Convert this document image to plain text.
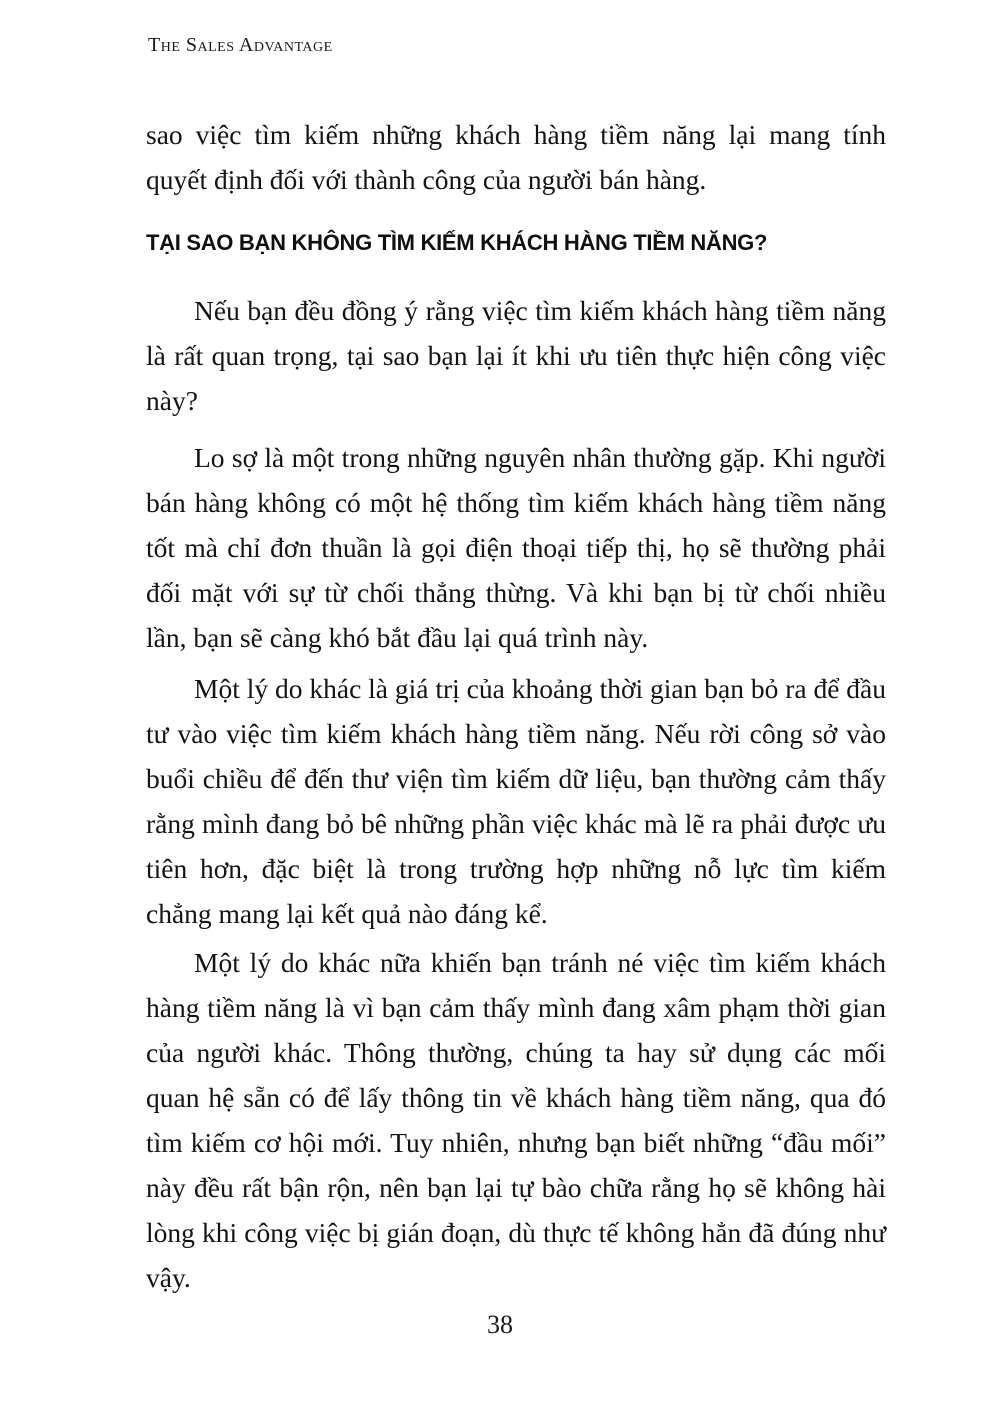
The Sales Advantage

sao việc tìm kiếm những khách hàng tiềm năng lại mang tính quyết định đối với thành công của người bán hàng.

TẠI SAO BẠN KHÔNG TÌM KIẾM KHÁCH HÀNG TIỀM NĂNG?

Nếu bạn đều đồng ý rằng việc tìm kiếm khách hàng tiềm năng là rất quan trọng, tại sao bạn lại ít khi ưu tiên thực hiện công việc này?

Lo sợ là một trong những nguyên nhân thường gặp. Khi người bán hàng không có một hệ thống tìm kiếm khách hàng tiềm năng tốt mà chỉ đơn thuần là gọi điện thoại tiếp thị, họ sẽ thường phải đối mặt với sự từ chối thẳng thừng. Và khi bạn bị từ chối nhiều lần, bạn sẽ càng khó bắt đầu lại quá trình này.

Một lý do khác là giá trị của khoảng thời gian bạn bỏ ra để đầu tư vào việc tìm kiếm khách hàng tiềm năng. Nếu rời công sở vào buổi chiều để đến thư viện tìm kiếm dữ liệu, bạn thường cảm thấy rằng mình đang bỏ bê những phần việc khác mà lẽ ra phải được ưu tiên hơn, đặc biệt là trong trường hợp những nỗ lực tìm kiếm chẳng mang lại kết quả nào đáng kể.

Một lý do khác nữa khiến bạn tránh né việc tìm kiếm khách hàng tiềm năng là vì bạn cảm thấy mình đang xâm phạm thời gian của người khác. Thông thường, chúng ta hay sử dụng các mối quan hệ sẵn có để lấy thông tin về khách hàng tiềm năng, qua đó tìm kiếm cơ hội mới. Tuy nhiên, nhưng bạn biết những “đầu mối” này đều rất bận rộn, nên bạn lại tự bào chữa rằng họ sẽ không hài lòng khi công việc bị gián đoạn, dù thực tế không hẳn đã đúng như vậy.

38
